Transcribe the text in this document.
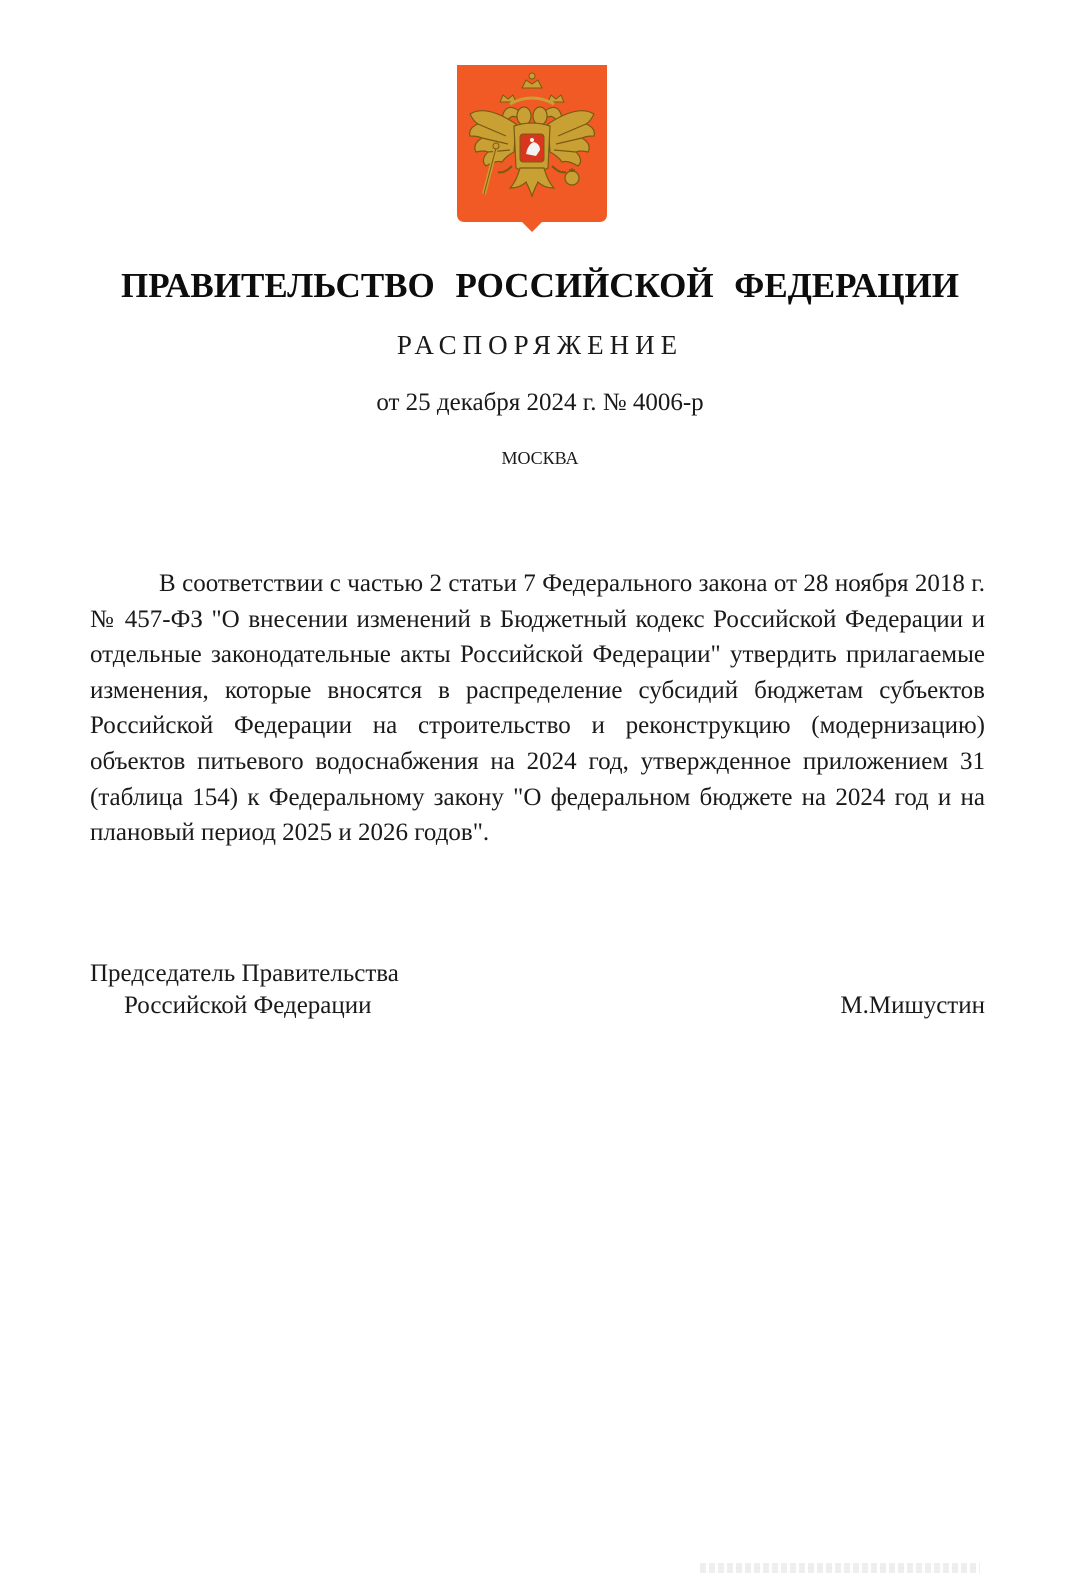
ПРАВИТЕЛЬСТВО РОССИЙСКОЙ ФЕДЕРАЦИИ
РАСПОРЯЖЕНИЕ
от 25 декабря 2024 г. № 4006-р
МОСКВА

В соответствии с частью 2 статьи 7 Федерального закона от 28 ноября 2018 г. № 457-ФЗ "О внесении изменений в Бюджетный кодекс Российской Федерации и отдельные законодательные акты Российской Федерации" утвердить прилагаемые изменения, которые вносятся в распределение субсидий бюджетам субъектов Российской Федерации на строительство и реконструкцию (модернизацию) объектов питьевого водоснабжения на 2024 год, утвержденное приложением 31 (таблица 154) к Федеральному закону "О федеральном бюджете на 2024 год и на плановый период 2025 и 2026 годов".

Председатель Правительства
Российской Федерации	М.Мишустин
